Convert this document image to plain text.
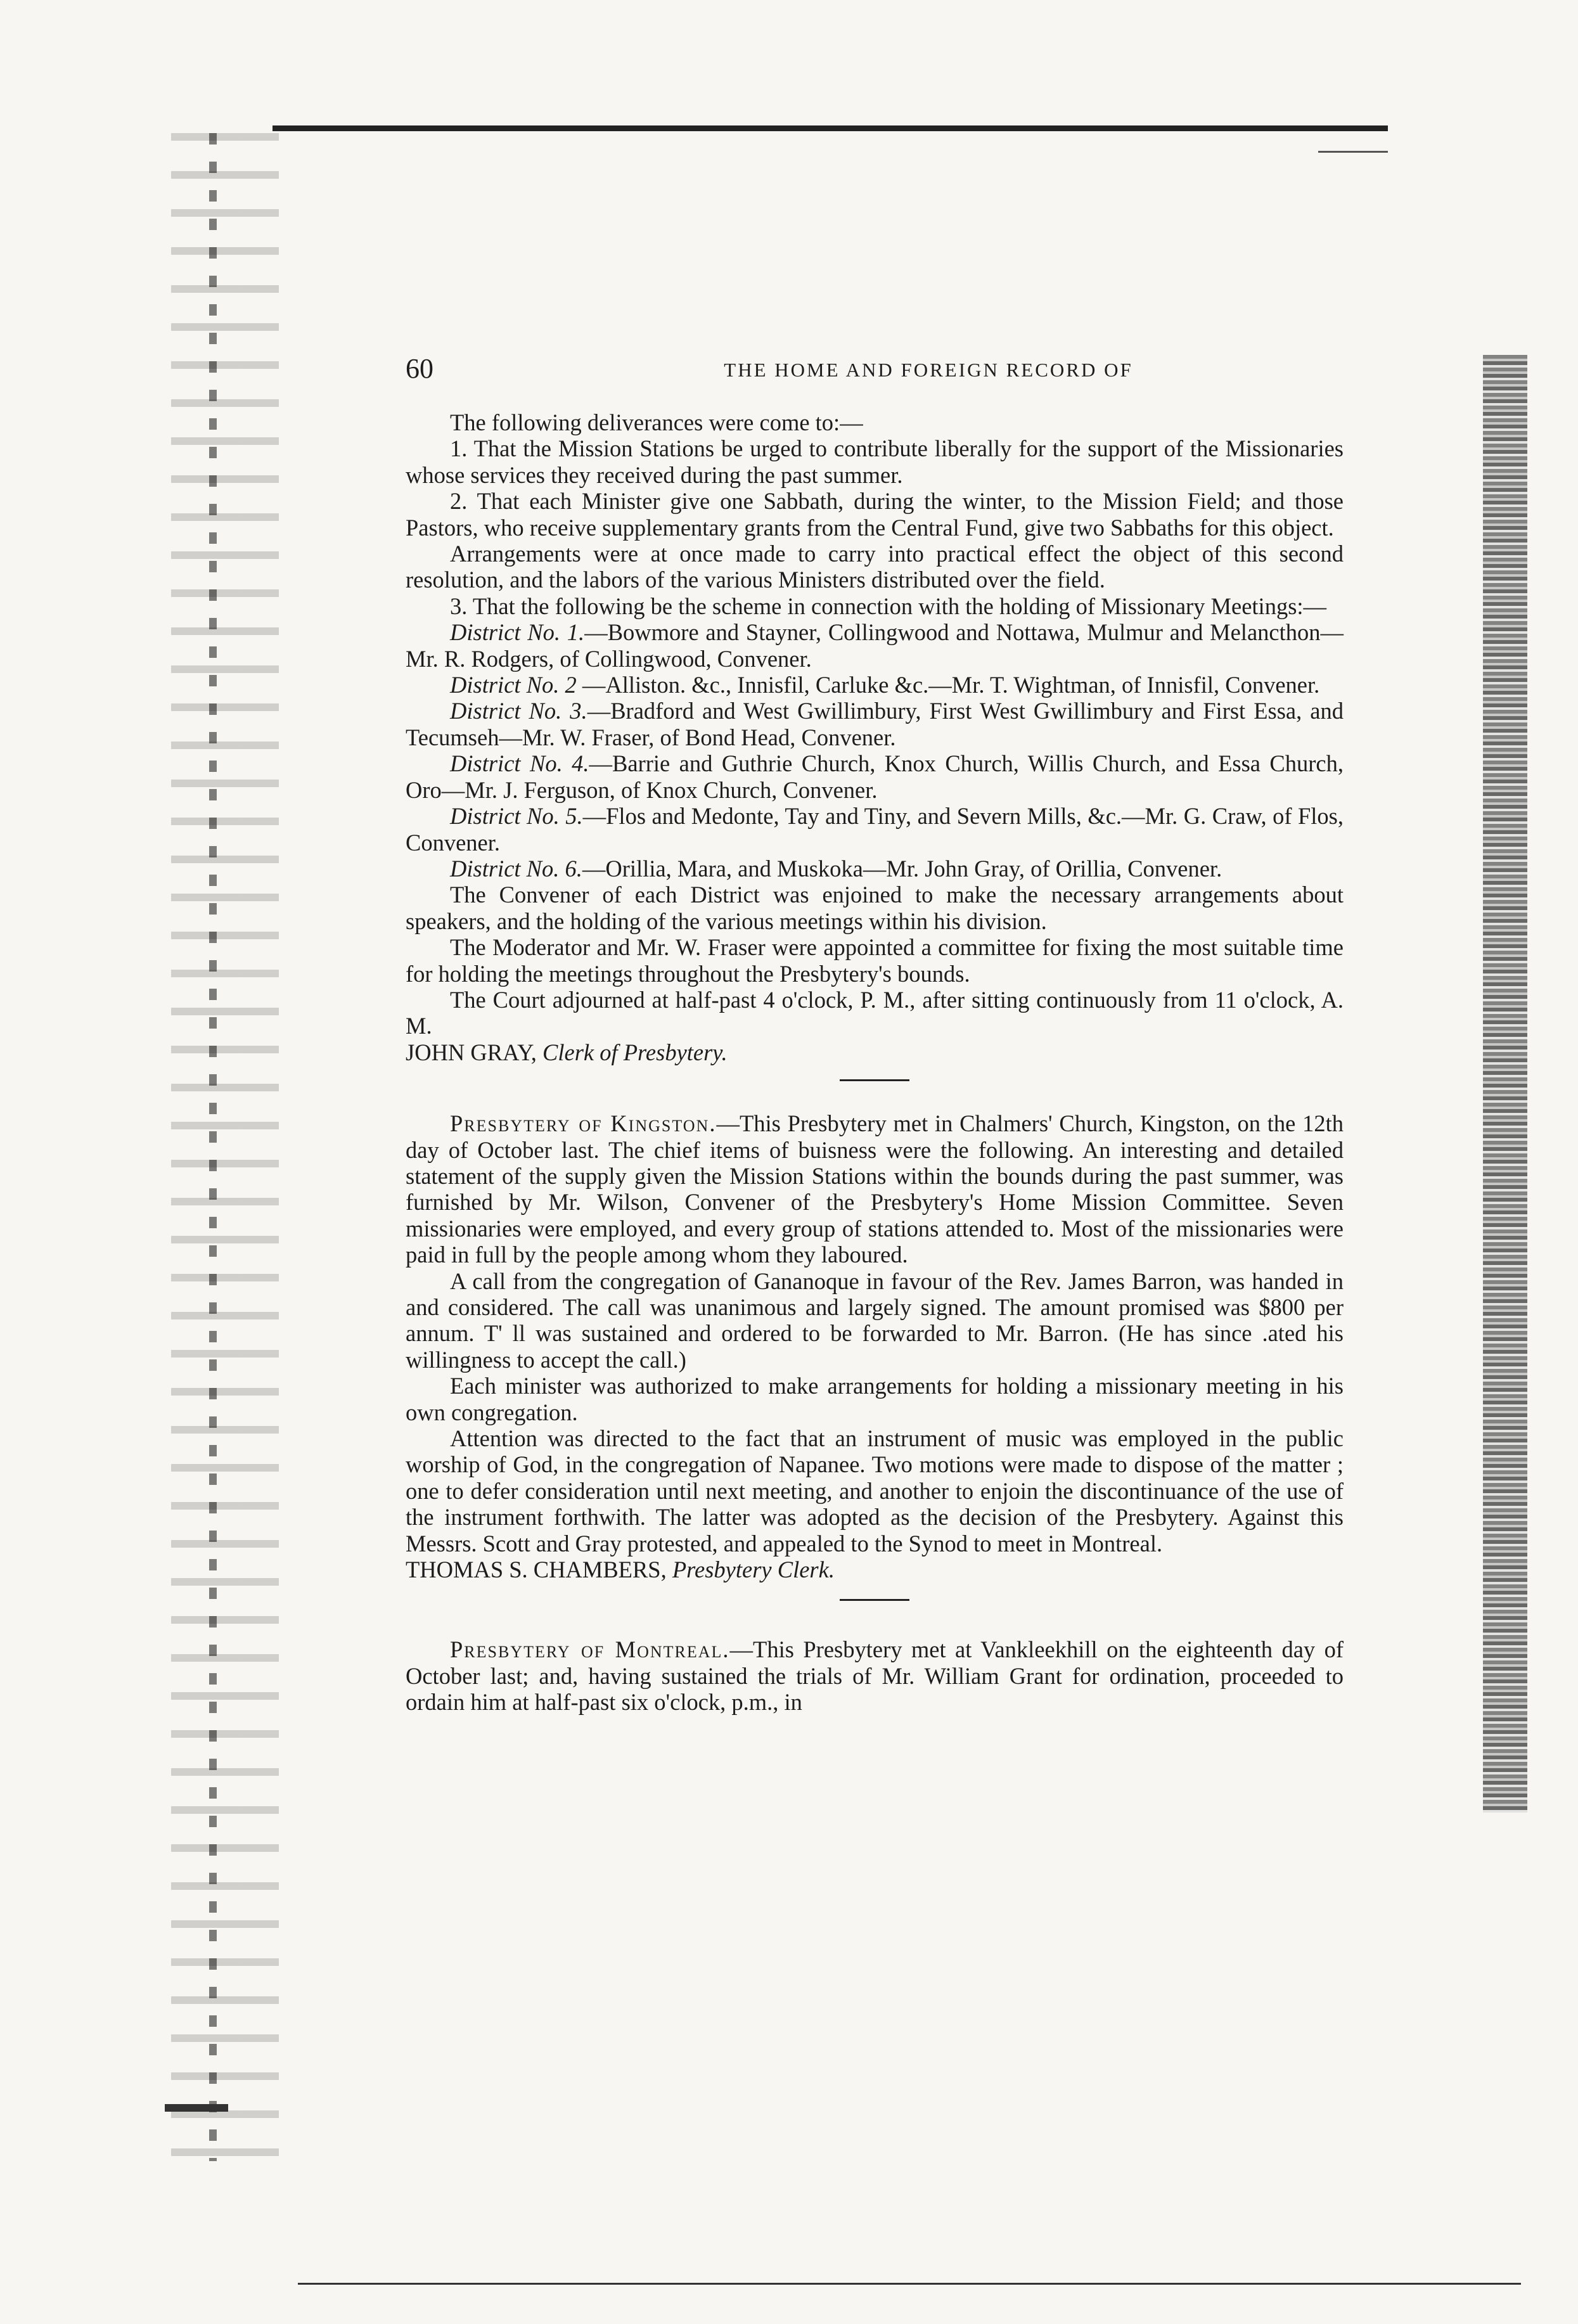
60	THE HOME AND FOREIGN RECORD OF

The following deliverances were come to:—

1. That the Mission Stations be urged to contribute liberally for the support of the Missionaries whose services they received during the past summer.

2. That each Minister give one Sabbath, during the winter, to the Mission Field; and those Pastors, who receive supplementary grants from the Central Fund, give two Sabbaths for this object.

Arrangements were at once made to carry into practical effect the object of this second resolution, and the labors of the various Ministers distributed over the field.

3. That the following be the scheme in connection with the holding of Missionary Meetings:—

District No. 1.—Bowmore and Stayner, Collingwood and Nottawa, Mulmur and Melancthon—Mr. R. Rodgers, of Collingwood, Convener.

District No. 2 —Alliston. &c., Innisfil, Carluke &c.—Mr. T. Wightman, of Innisfil, Convener.

District No. 3.—Bradford and West Gwillimbury, First West Gwillimbury and First Essa, and Tecumseh—Mr. W. Fraser, of Bond Head, Convener.

District No. 4.—Barrie and Guthrie Church, Knox Church, Willis Church, and Essa Church, Oro—Mr. J. Ferguson, of Knox Church, Convener.

District No. 5.—Flos and Medonte, Tay and Tiny, and Severn Mills, &c.—Mr. G. Craw, of Flos, Convener.

District No. 6.—Orillia, Mara, and Muskoka—Mr. John Gray, of Orillia, Convener.

The Convener of each District was enjoined to make the necessary arrangements about speakers, and the holding of the various meetings within his division.

The Moderator and Mr. W. Fraser were appointed a committee for fixing the most suitable time for holding the meetings throughout the Presbytery's bounds.

The Court adjourned at half-past 4 o'clock, P. M., after sitting continuously from 11 o'clock, A. M.

JOHN GRAY, Clerk of Presbytery.

Presbytery of Kingston.—This Presbytery met in Chalmers' Church, Kingston, on the 12th day of October last. The chief items of buisness were the following. An interesting and detailed statement of the supply given the Mission Stations within the bounds during the past summer, was furnished by Mr. Wilson, Convener of the Presbytery's Home Mission Committee. Seven missionaries were employed, and every group of stations attended to. Most of the missionaries were paid in full by the people among whom they laboured.

A call from the congregation of Gananoque in favour of the Rev. James Barron, was handed in and considered. The call was unanimous and largely signed. The amount promised was $800 per annum. T' ll was sustained and ordered to be forwarded to Mr. Barron. (He has since .ated his willingness to accept the call.)

Each minister was authorized to make arrangements for holding a missionary meeting in his own congregation.

Attention was directed to the fact that an instrument of music was employed in the public worship of God, in the congregation of Napanee. Two motions were made to dispose of the matter ; one to defer consideration until next meeting, and another to enjoin the discontinuance of the use of the instrument forthwith. The latter was adopted as the decision of the Presbytery. Against this Messrs. Scott and Gray protested, and appealed to the Synod to meet in Montreal.

THOMAS S. CHAMBERS, Presbytery Clerk.

Presbytery of Montreal.—This Presbytery met at Vankleekhill on the eighteenth day of October last; and, having sustained the trials of Mr. William Grant for ordination, proceeded to ordain him at half-past six o'clock, p.m., in
